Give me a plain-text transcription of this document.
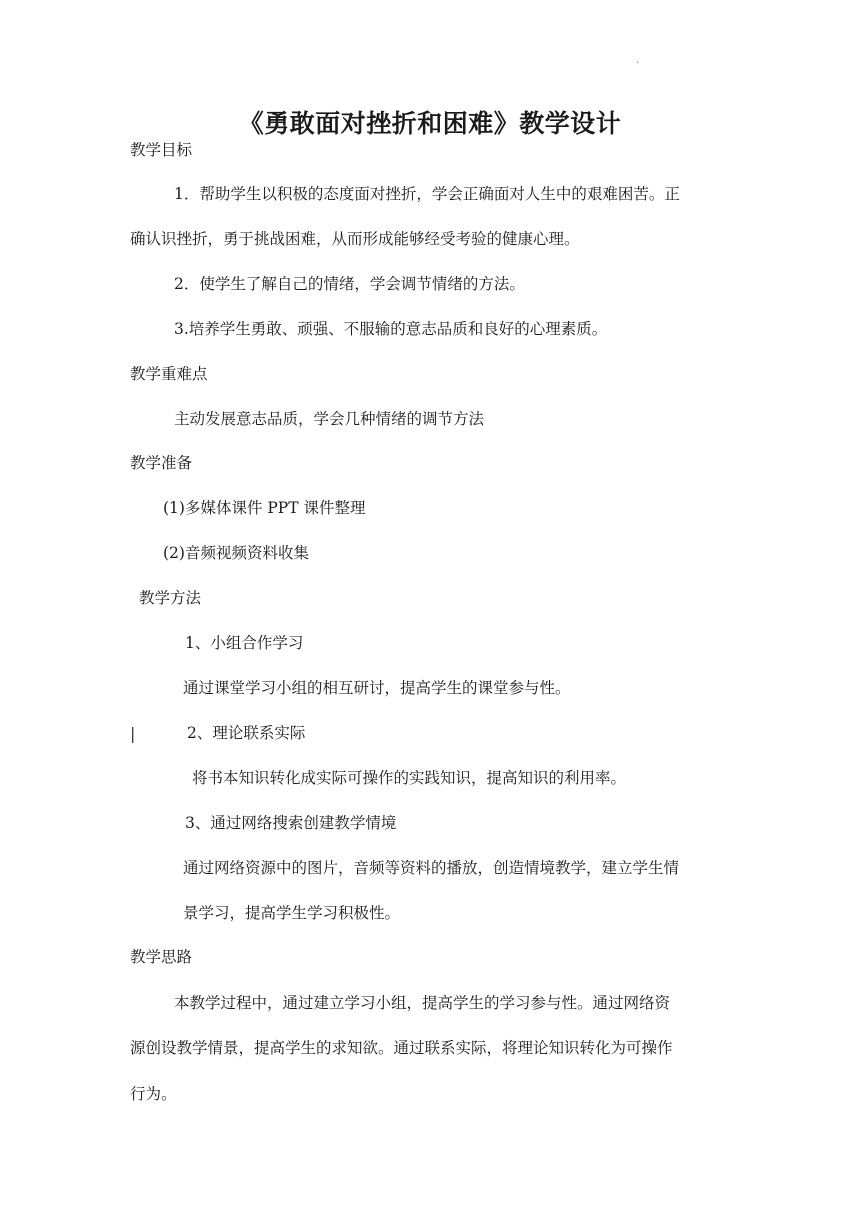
·
《勇敢面对挫折和困难》教学设计
教学目标
1．帮助学生以积极的态度面对挫折，学会正确面对人生中的艰难困苦。正
确认识挫折，勇于挑战困难，从而形成能够经受考验的健康心理。
2．使学生了解自己的情绪，学会调节情绪的方法。
3.培养学生勇敢、顽强、不服输的意志品质和良好的心理素质。
教学重难点
主动发展意志品质，学会几种情绪的调节方法
教学准备
(1)多媒体课件 PPT 课件整理
(2)音频视频资料收集
教学方法
1、小组合作学习
通过课堂学习小组的相互研讨，提高学生的课堂参与性。
|	2、理论联系实际
将书本知识转化成实际可操作的实践知识，提高知识的利用率。
3、通过网络搜索创建教学情境
通过网络资源中的图片，音频等资料的播放，创造情境教学，建立学生情
景学习，提高学生学习积极性。
教学思路
本教学过程中，通过建立学习小组，提高学生的学习参与性。通过网络资
源创设教学情景，提高学生的求知欲。通过联系实际，将理论知识转化为可操作
行为。
